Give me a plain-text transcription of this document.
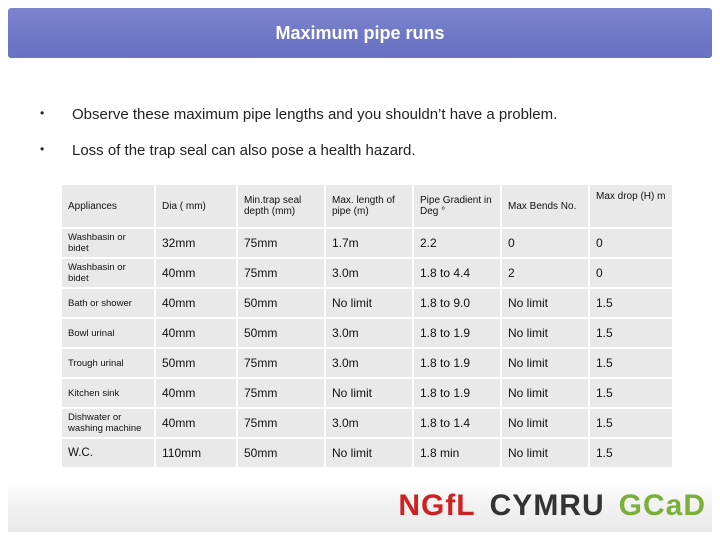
Maximum pipe runs
• Observe these maximum pipe lengths and you shouldn’t have a problem.
• Loss of the trap seal can also pose a health hazard.
Appliances	Dia ( mm)	Min.trap seal depth (mm)	Max. length of pipe (m)	Pipe Gradient in Deg °	Max Bends No.	Max drop (H) m
Washbasin or bidet	32mm	75mm	1.7m	2.2	0	0
Washbasin or bidet	40mm	75mm	3.0m	1.8 to 4.4	2	0
Bath or shower	40mm	50mm	No limit	1.8 to 9.0	No limit	1.5
Bowl urinal	40mm	50mm	3.0m	1.8 to 1.9	No limit	1.5
Trough urinal	50mm	75mm	3.0m	1.8 to 1.9	No limit	1.5
Kitchen sink	40mm	75mm	No limit	1.8 to 1.9	No limit	1.5
Dishwater or washing machine	40mm	75mm	3.0m	1.8 to 1.4	No limit	1.5
W.C.	110mm	50mm	No limit	1.8 min	No limit	1.5
NGfL CYMRU GCaD
